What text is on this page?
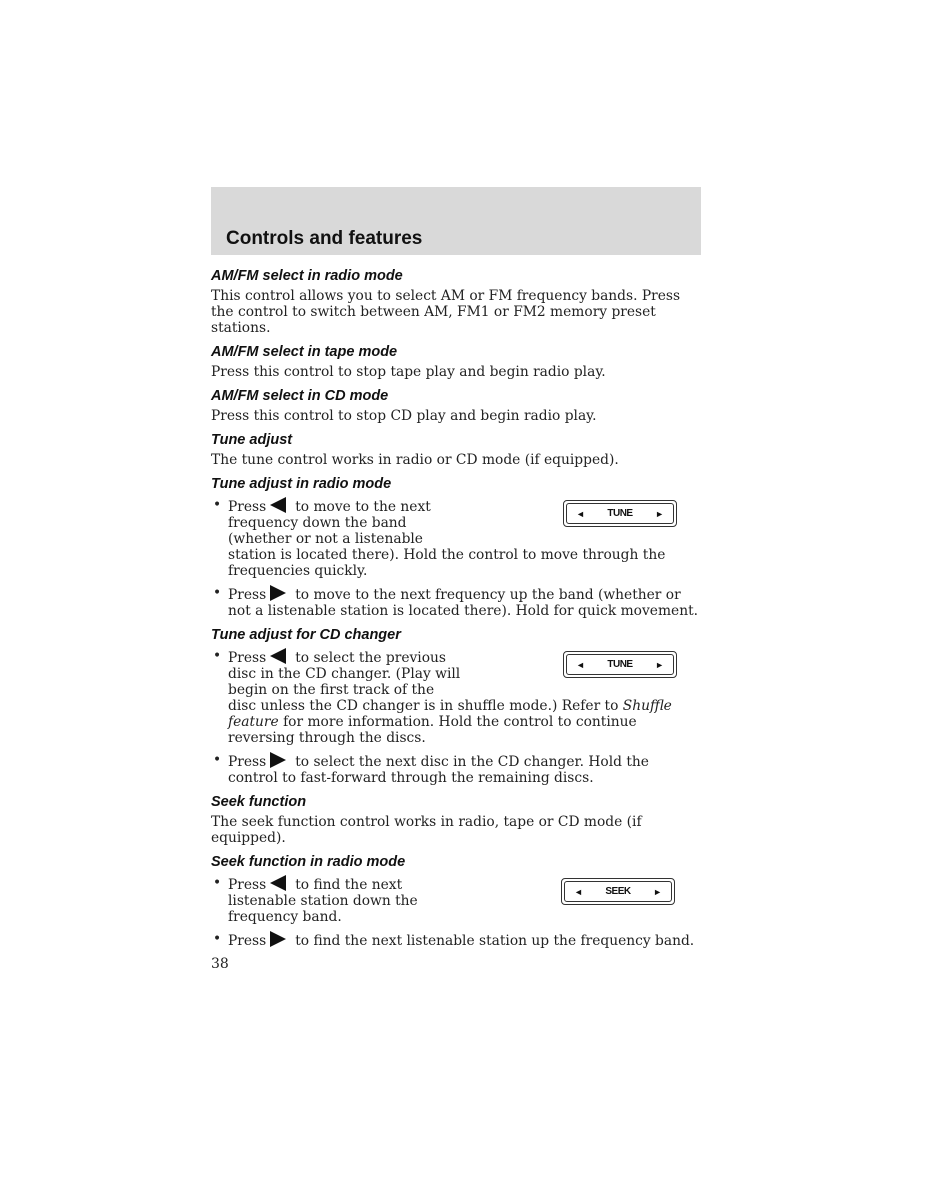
Controls and features

AM/FM select in radio mode

This control allows you to select AM or FM frequency bands. Press the control to switch between AM, FM1 or FM2 memory preset stations.

AM/FM select in tape mode

Press this control to stop tape play and begin radio play.

AM/FM select in CD mode

Press this control to stop CD play and begin radio play.

Tune adjust

The tune control works in radio or CD mode (if equipped).

Tune adjust in radio mode

◄ TUNE ►
• Press to move to the next frequency down the band (whether or not a listenable station is located there). Hold the control to move through the frequencies quickly.
• Press to move to the next frequency up the band (whether or not a listenable station is located there). Hold for quick movement.

Tune adjust for CD changer

◄ TUNE ►
• Press to select the previous disc in the CD changer. (Play will begin on the first track of the disc unless the CD changer is in shuffle mode.) Refer to Shuffle feature for more information. Hold the control to continue reversing through the discs.
• Press to select the next disc in the CD changer. Hold the control to fast-forward through the remaining discs.

Seek function

The seek function control works in radio, tape or CD mode (if equipped).

Seek function in radio mode

◄ SEEK ►
• Press to find the next listenable station down the frequency band.
• Press to find the next listenable station up the frequency band.
38
